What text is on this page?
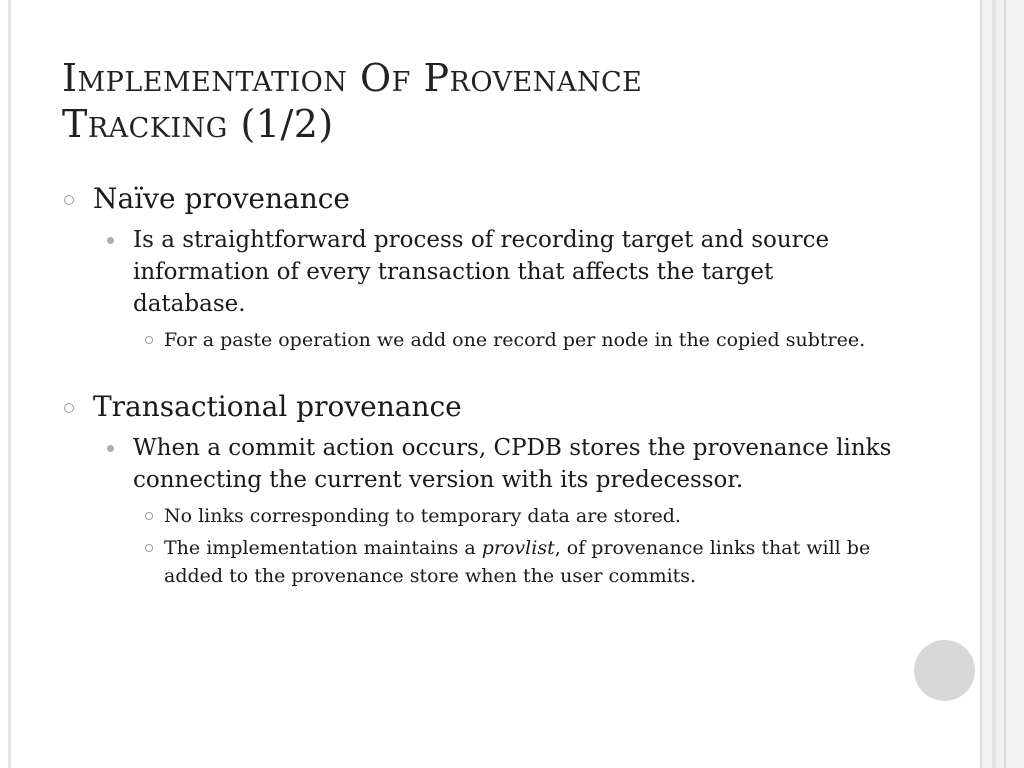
Implementation Of Provenance
Tracking (1/2)
Naïve provenance
Is a straightforward process of recording target and source information of every transaction that affects the target database.
For a paste operation we add one record per node in the copied subtree.
Transactional provenance
When a commit action occurs, CPDB stores the provenance links connecting the current version with its predecessor.
No links corresponding to temporary data are stored.
The implementation maintains a provlist, of provenance links that will be added to the provenance store when the user commits.
